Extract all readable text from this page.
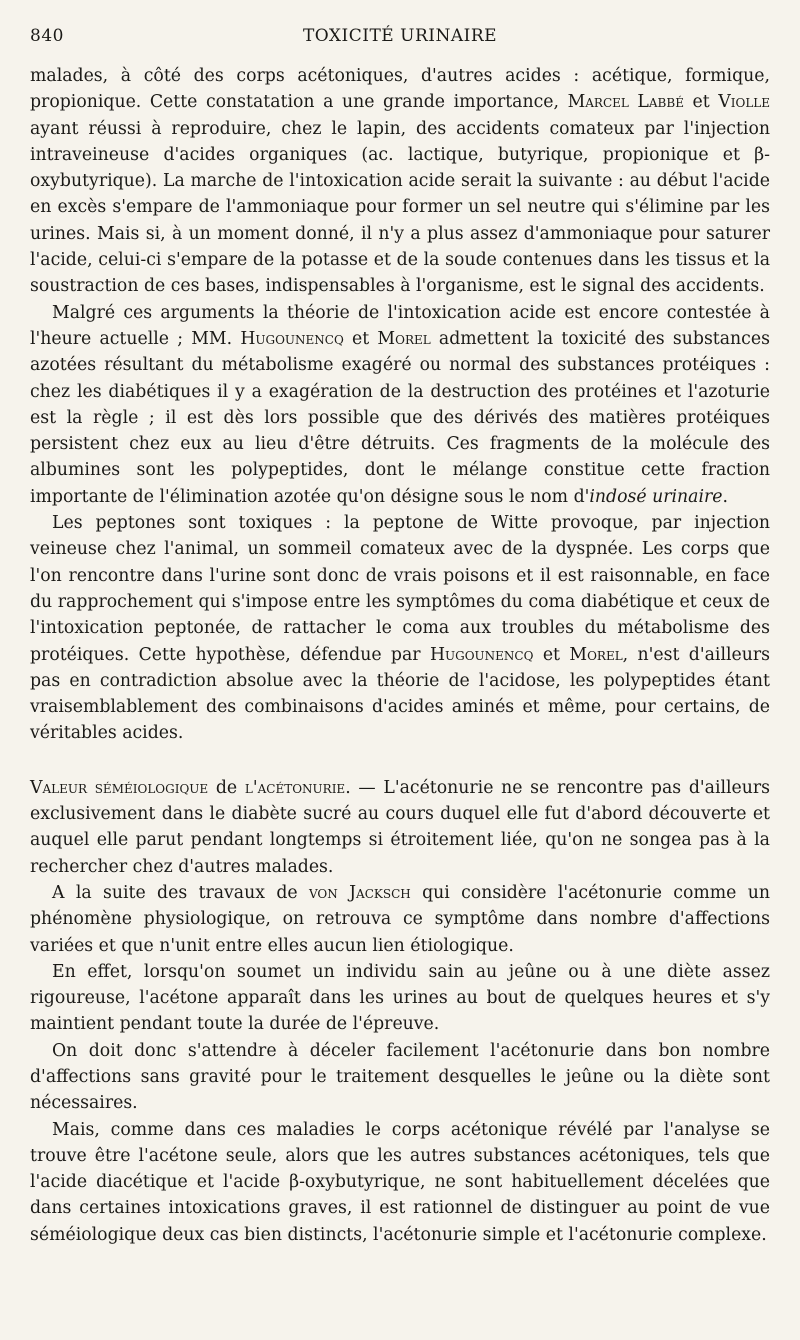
840	TOXICITÉ URINAIRE

malades, à côté des corps acétoniques, d'autres acides : acétique, formique, propionique. Cette constatation a une grande importance, Marcel Labbé et Violle ayant réussi à reproduire, chez le lapin, des accidents comateux par l'injection intraveineuse d'acides organiques (ac. lactique, butyrique, propionique et β-oxybutyrique). La marche de l'intoxication acide serait la suivante : au début l'acide en excès s'empare de l'ammoniaque pour former un sel neutre qui s'élimine par les urines. Mais si, à un moment donné, il n'y a plus assez d'ammoniaque pour saturer l'acide, celui-ci s'empare de la potasse et de la soude contenues dans les tissus et la soustraction de ces bases, indispensables à l'organisme, est le signal des accidents.

Malgré ces arguments la théorie de l'intoxication acide est encore contestée à l'heure actuelle ; MM. Hugounencq et Morel admettent la toxicité des substances azotées résultant du métabolisme exagéré ou normal des substances protéiques : chez les diabétiques il y a exagération de la destruction des protéines et l'azoturie est la règle ; il est dès lors possible que des dérivés des matières protéiques persistent chez eux au lieu d'être détruits. Ces fragments de la molécule des albumines sont les polypeptides, dont le mélange constitue cette fraction importante de l'élimination azotée qu'on désigne sous le nom d'indosé urinaire.

Les peptones sont toxiques : la peptone de Witte provoque, par injection veineuse chez l'animal, un sommeil comateux avec de la dyspnée. Les corps que l'on rencontre dans l'urine sont donc de vrais poisons et il est raisonnable, en face du rapprochement qui s'impose entre les symptômes du coma diabétique et ceux de l'intoxication peptonée, de rattacher le coma aux troubles du métabolisme des protéiques. Cette hypothèse, défendue par Hugounencq et Morel, n'est d'ailleurs pas en contradiction absolue avec la théorie de l'acidose, les polypeptides étant vraisemblablement des combinaisons d'acides aminés et même, pour certains, de véritables acides.

Valeur séméiologique de l'acétonurie. — L'acétonurie ne se rencontre pas d'ailleurs exclusivement dans le diabète sucré au cours duquel elle fut d'abord découverte et auquel elle parut pendant longtemps si étroitement liée, qu'on ne songea pas à la rechercher chez d'autres malades.

A la suite des travaux de von Jacksch qui considère l'acétonurie comme un phénomène physiologique, on retrouva ce symptôme dans nombre d'affections variées et que n'unit entre elles aucun lien étiologique.

En effet, lorsqu'on soumet un individu sain au jeûne ou à une diète assez rigoureuse, l'acétone apparaît dans les urines au bout de quelques heures et s'y maintient pendant toute la durée de l'épreuve.

On doit donc s'attendre à déceler facilement l'acétonurie dans bon nombre d'affections sans gravité pour le traitement desquelles le jeûne ou la diète sont nécessaires.

Mais, comme dans ces maladies le corps acétonique révélé par l'analyse se trouve être l'acétone seule, alors que les autres substances acétoniques, tels que l'acide diacétique et l'acide β-oxybutyrique, ne sont habituellement décelées que dans certaines intoxications graves, il est rationnel de distinguer au point de vue séméiologique deux cas bien distincts, l'acétonurie simple et l'acétonurie complexe.
